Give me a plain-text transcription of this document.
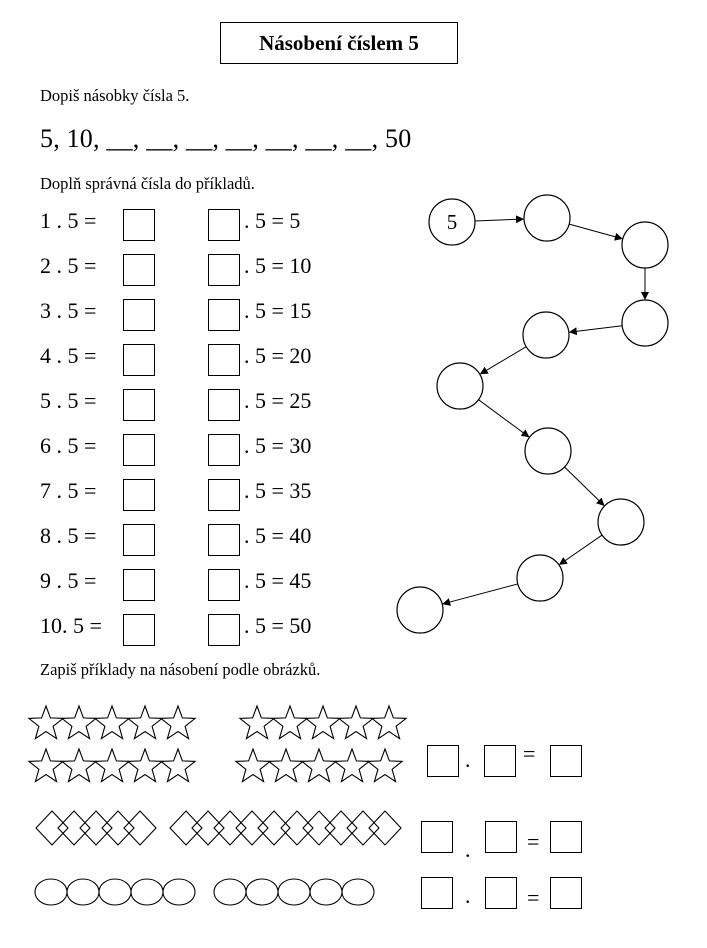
Násobení číslem 5
Dopiš násobky čísla 5.
5, 10, __, __, __, __, __, __, __, 50
Doplň správná čísla do příkladů.
1 . 5 =	. 5 = 5
2 . 5 =	. 5 = 10
3 . 5 =	. 5 = 15
4 . 5 =	. 5 = 20
5 . 5 =	. 5 = 25
6 . 5 =	. 5 = 30
7 . 5 =	. 5 = 35
8 . 5 =	. 5 = 40
9 . 5 =	. 5 = 45
10. 5 =	. 5 = 50
5
Zapiš příklady na násobení podle obrázků.
. =
.	=
.	=
